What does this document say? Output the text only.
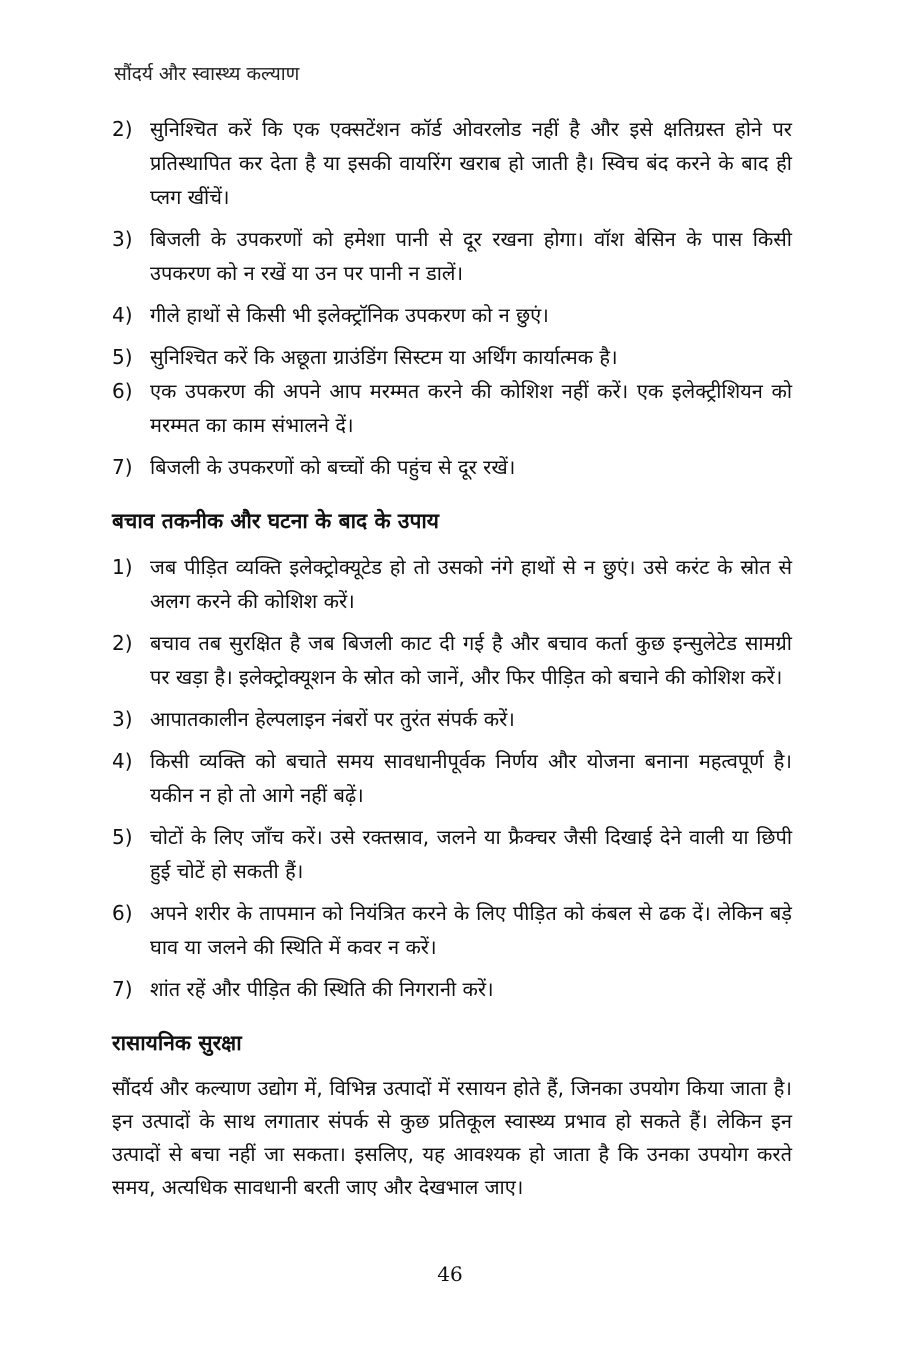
सौंदर्य और स्वास्थ्य कल्याण
2) सुनिश्चित करें कि एक एक्सटेंशन कॉर्ड ओवरलोड नहीं है और इसे क्षतिग्रस्त होने पर प्रतिस्थापित कर देता है या इसकी वायरिंग खराब हो जाती है। स्विच बंद करने के बाद ही प्लग खींचें।
3) बिजली के उपकरणों को हमेशा पानी से दूर रखना होगा। वॉश बेसिन के पास किसी उपकरण को न रखें या उन पर पानी न डालें।
4) गीले हाथों से किसी भी इलेक्ट्रॉनिक उपकरण को न छुएं।
5) सुनिश्चित करें कि अछूता ग्राउंडिंग सिस्टम या अर्थिंग कार्यात्मक है।
6) एक उपकरण की अपने आप मरम्मत करने की कोशिश नहीं करें। एक इलेक्ट्रीशियन को मरम्मत का काम संभालने दें।
7) बिजली के उपकरणों को बच्चों की पहुंच से दूर रखें।
बचाव तकनीक और घटना के बाद के उपाय
1) जब पीड़ित व्यक्ति इलेक्ट्रोक्यूटेड हो तो उसको नंगे हाथों से न छुएं। उसे करंट के स्रोत से अलग करने की कोशिश करें।
2) बचाव तब सुरक्षित है जब बिजली काट दी गई है और बचाव कर्ता कुछ इन्सुलेटेड सामग्री पर खड़ा है। इलेक्ट्रोक्यूशन के स्रोत को जानें, और फिर पीड़ित को बचाने की कोशिश करें।
3) आपातकालीन हेल्पलाइन नंबरों पर तुरंत संपर्क करें।
4) किसी व्यक्ति को बचाते समय सावधानीपूर्वक निर्णय और योजना बनाना महत्वपूर्ण है। यकीन न हो तो आगे नहीं बढ़ें।
5) चोटों के लिए जाँच करें। उसे रक्तस्राव, जलने या फ्रैक्चर जैसी दिखाई देने वाली या छिपी हुई चोटें हो सकती हैं।
6) अपने शरीर के तापमान को नियंत्रित करने के लिए पीड़ित को कंबल से ढक दें। लेकिन बड़े घाव या जलने की स्थिति में कवर न करें।
7) शांत रहें और पीड़ित की स्थिति की निगरानी करें।
रासायनिक सुरक्षा

सौंदर्य और कल्याण उद्योग में, विभिन्न उत्पादों में रसायन होते हैं, जिनका उपयोग किया जाता है। इन उत्पादों के साथ लगातार संपर्क से कुछ प्रतिकूल स्वास्थ्य प्रभाव हो सकते हैं। लेकिन इन उत्पादों से बचा नहीं जा सकता। इसलिए, यह आवश्यक हो जाता है कि उनका उपयोग करते समय, अत्यधिक सावधानी बरती जाए और देखभाल जाए।

46
